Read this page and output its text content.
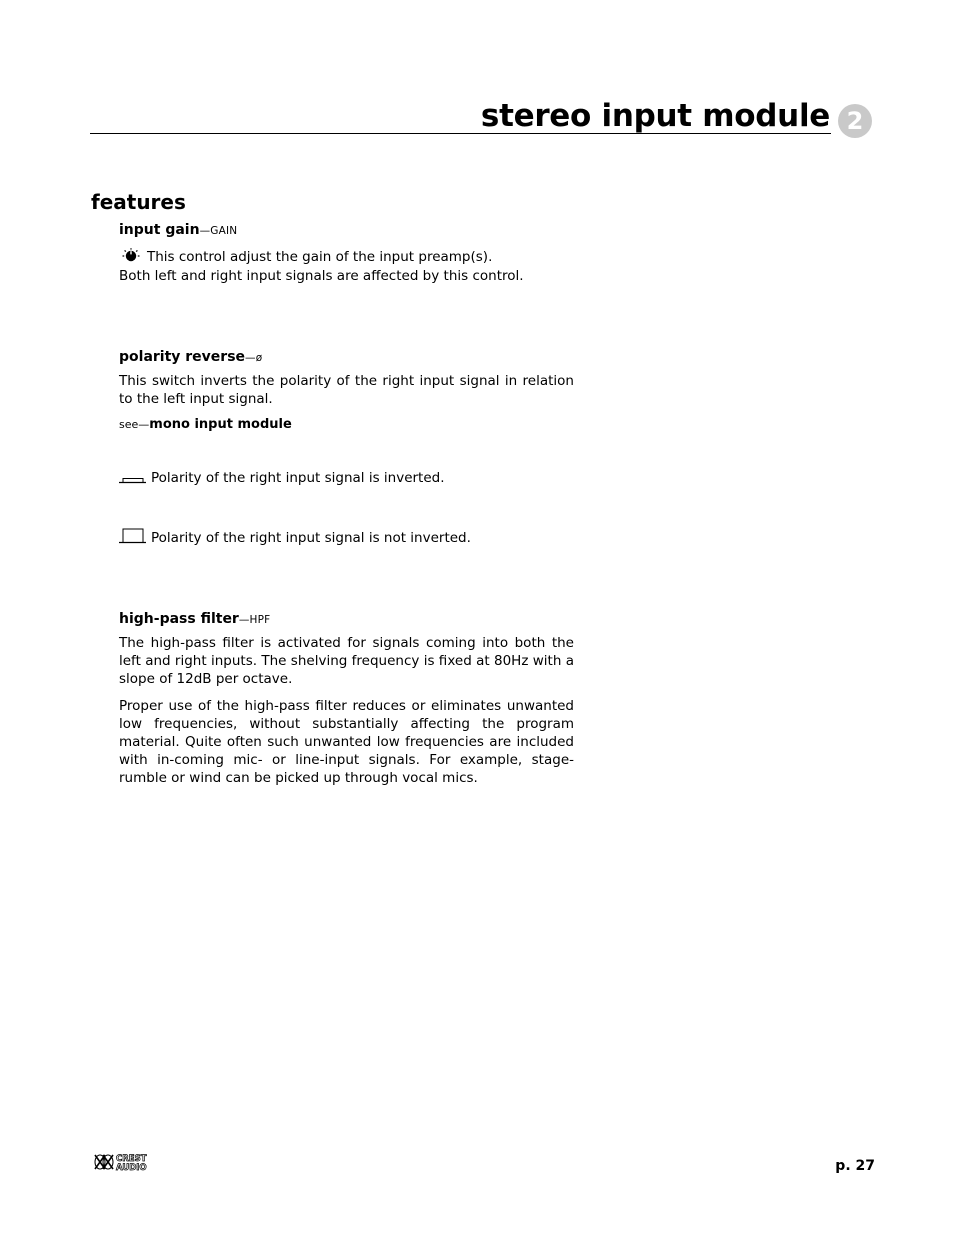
stereo input module 2
features
input gain—GAIN
This control adjust the gain of the input preamp(s).
Both left and right input signals are affected by this control.
polarity reverse—ø
This switch inverts the polarity of the right input signal in relation to the left input signal.
see—mono input module
Polarity of the right input signal is inverted.
Polarity of the right input signal is not inverted.
high-pass filter—HPF
The high-pass filter is activated for signals coming into both the left and right inputs. The shelving frequency is fixed at 80Hz with a slope of 12dB per octave.
Proper use of the high-pass filter reduces or eliminates unwanted low frequencies, without substantially affecting the program material. Quite often such unwanted low frequencies are included with in-coming mic- or line-input signals. For example, stage-rumble or wind can be picked up through vocal mics.
CREST
AUDIO	p. 27
